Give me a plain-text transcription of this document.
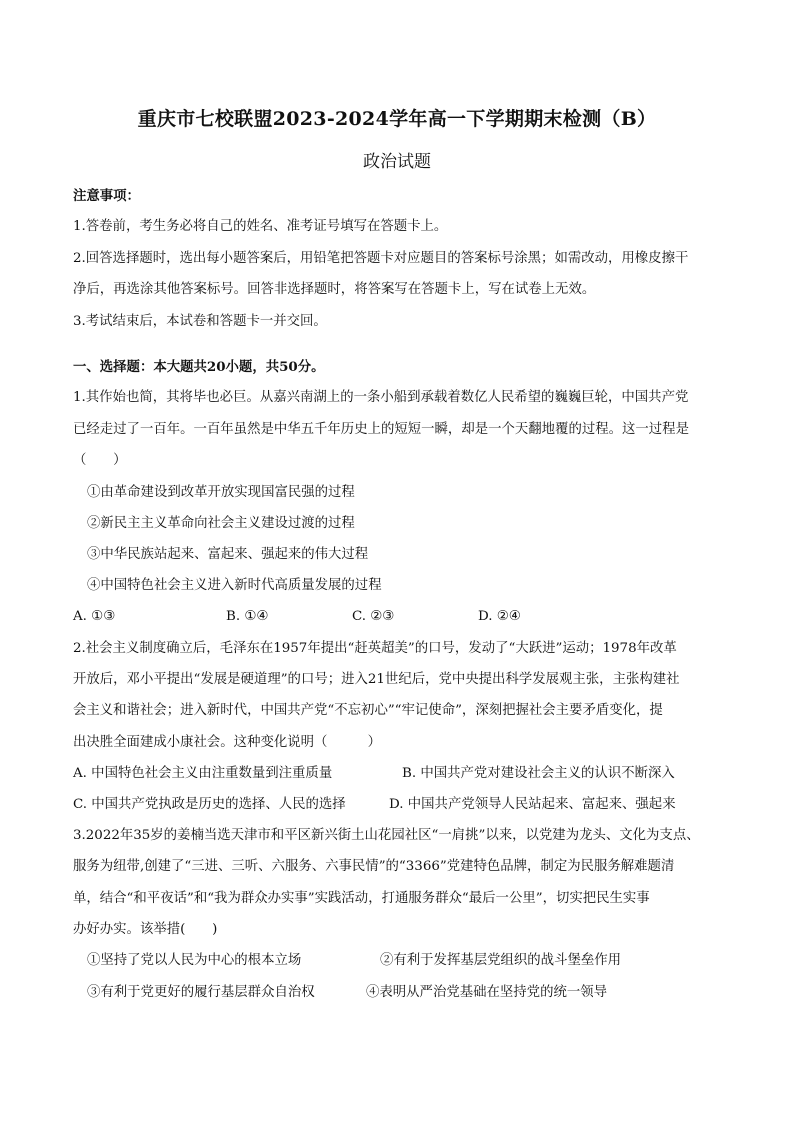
重庆市七校联盟2023-2024学年高一下学期期末检测（B）
政治试题
注意事项：
1.答卷前，考生务必将自己的姓名、准考证号填写在答题卡上。
2.回答选择题时，选出每小题答案后，用铅笔把答题卡对应题目的答案标号涂黑；如需改动，用橡皮擦干
净后，再选涂其他答案标号。回答非选择题时，将答案写在答题卡上，写在试卷上无效。
3.考试结束后，本试卷和答题卡一并交回。
一、选择题：本大题共20小题，共50分。
1.其作始也简，其将毕也必巨。从嘉兴南湖上的一条小船到承载着数亿人民希望的巍巍巨轮，中国共产党
已经走过了一百年。一百年虽然是中华五千年历史上的短短一瞬，却是一个天翻地覆的过程。这一过程是
（　　）
①由革命建设到改革开放实现国富民强的过程
②新民主主义革命向社会主义建设过渡的过程
③中华民族站起来、富起来、强起来的伟大过程
④中国特色社会主义进入新时代高质量发展的过程
A. ①③	B. ①④	C. ②③	D. ②④
2.社会主义制度确立后，毛泽东在1957年提出“赶英超美”的口号，发动了“大跃进”运动；1978年改革
开放后，邓小平提出“发展是硬道理”的口号；进入21世纪后，党中央提出科学发展观主张，主张构建社
会主义和谐社会；进入新时代，中国共产党“不忘初心”“牢记使命”，深刻把握社会主要矛盾变化，提
出决胜全面建成小康社会。这种变化说明（　　　）
A. 中国特色社会主义由注重数量到注重质量	B. 中国共产党对建设社会主义的认识不断深入
C. 中国共产党执政是历史的选择、人民的选择	D. 中国共产党领导人民站起来、富起来、强起来
3.2022年35岁的姜楠当选天津市和平区新兴街土山花园社区“一肩挑”以来，以党建为龙头、文化为支点、
服务为纽带,创建了“三进、三听、六服务、六事民情”的“3366”党建特色品牌，制定为民服务解难题清
单，结合“和平夜话”和“我为群众办实事”实践活动，打通服务群众“最后一公里”，切实把民生实事
办好办实。该举措(　　)
①坚持了党以人民为中心的根本立场	②有利于发挥基层党组织的战斗堡垒作用
③有利于党更好的履行基层群众自治权	④表明从严治党基础在坚持党的统一领导
